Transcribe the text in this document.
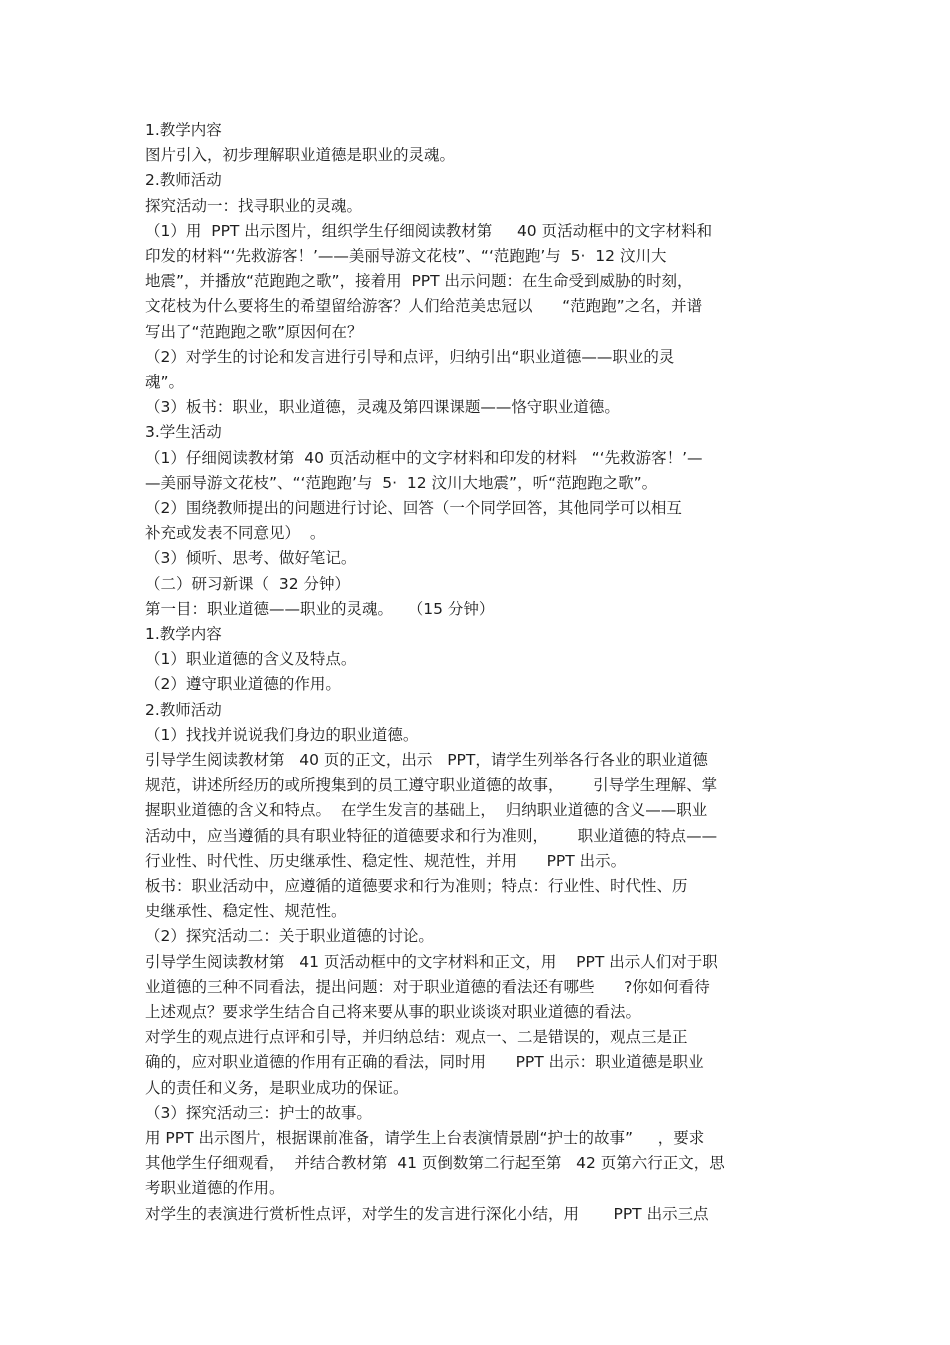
1.教学内容
图片引入，初步理解职业道德是职业的灵魂。
2.教师活动
探究活动一：找寻职业的灵魂。
（1）用  PPT 出示图片，组织学生仔细阅读教材第     40 页活动框中的文字材料和
印发的材料“‘先救游客！’——美丽导游文花枝”、“‘范跑跑’与  5·  12 汶川大
地震”，并播放“范跑跑之歌”，接着用  PPT 出示问题：在生命受到威胁的时刻，
文花枝为什么要将生的希望留给游客？人们给范美忠冠以      “范跑跑”之名，并谱
写出了“范跑跑之歌”原因何在？
（2）对学生的讨论和发言进行引导和点评，归纳引出“职业道德——职业的灵
魂”。
（3）板书：职业，职业道德，灵魂及第四课课题——恪守职业道德。
3.学生活动
（1）仔细阅读教材第  40 页活动框中的文字材料和印发的材料   “‘先救游客！’—
—美丽导游文花枝”、“‘范跑跑’与  5·  12 汶川大地震”，听“范跑跑之歌”。
（2）围绕教师提出的问题进行讨论、回答（一个同学回答，其他同学可以相互
补充或发表不同意见）  。
（3）倾听、思考、做好笔记。
（二）研习新课（  32 分钟）
第一目：职业道德——职业的灵魂。   （15 分钟）
1.教学内容
（1）职业道德的含义及特点。
（2）遵守职业道德的作用。
2.教师活动
（1）找找并说说我们身边的职业道德。
引导学生阅读教材第   40 页的正文，出示   PPT，请学生列举各行各业的职业道德
规范，讲述所经历的或所搜集到的员工遵守职业道德的故事，      引导学生理解、掌
握职业道德的含义和特点。  在学生发言的基础上，  归纳职业道德的含义——职业
活动中，应当遵循的具有职业特征的道德要求和行为准则，      职业道德的特点——
行业性、时代性、历史继承性、稳定性、规范性，并用      PPT 出示。
板书：职业活动中，应遵循的道德要求和行为准则；特点：行业性、时代性、历
史继承性、稳定性、规范性。
（2）探究活动二：关于职业道德的讨论。
引导学生阅读教材第   41 页活动框中的文字材料和正文，用    PPT 出示人们对于职
业道德的三种不同看法，提出问题：对于职业道德的看法还有哪些      ?你如何看待
上述观点？要求学生结合自己将来要从事的职业谈谈对职业道德的看法。
对学生的观点进行点评和引导，并归纳总结：观点一、二是错误的，观点三是正
确的，应对职业道德的作用有正确的看法，同时用      PPT 出示：职业道德是职业
人的责任和义务，是职业成功的保证。
（3）探究活动三：护士的故事。
用 PPT 出示图片，根据课前准备，请学生上台表演情景剧“护士的故事”     ，要求
其他学生仔细观看，  并结合教材第  41 页倒数第二行起至第   42 页第六行正文，思
考职业道德的作用。
对学生的表演进行赏析性点评，对学生的发言进行深化小结，用       PPT 出示三点
